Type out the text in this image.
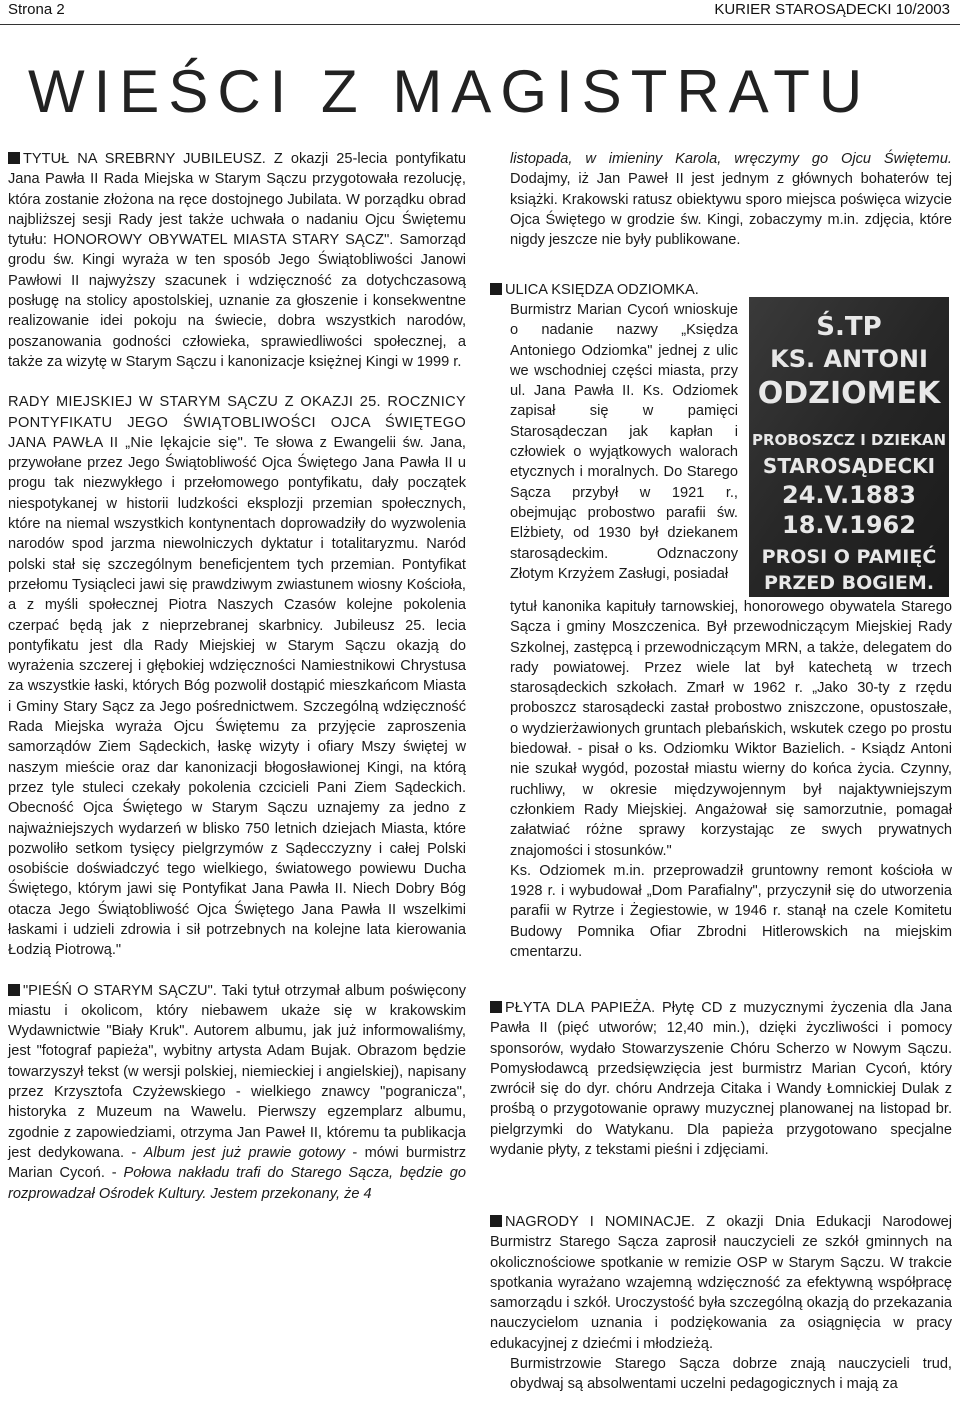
Strona 2	KURIER STAROSĄDECKI 10/2003
WIEŚCI Z MAGISTRATU

TYTUŁ NA SREBRNY JUBILEUSZ. Z okazji 25-lecia pontyfikatu Jana Pawła II Rada Miejska w Starym Sączu przygotowała rezolucję, która zostanie złożona na ręce dostojnego Jubilata. W porządku obrad najbliższej sesji Rady jest także uchwała o nadaniu Ojcu Świętemu tytułu: HONOROWY OBYWATEL MIASTA STARY SĄCZ". Samorząd grodu św. Kingi wyraża w ten sposób Jego Świątobliwości Janowi Pawłowi II najwyższy szacunek i wdzięczność za dotychczasową posługę na stolicy apostolskiej, uznanie za głoszenie i konsekwentne realizowanie idei pokoju na świecie, dobra wszystkich narodów, poszanowania godności człowieka, sprawiedliwości społecznej, a także za wizytę w Starym Sączu i kanonizacje księżnej Kingi w 1999 r.

RADY MIEJSKIEJ W STARYM SĄCZU Z OKAZJI 25. ROCZNICY PONTYFIKATU JEGO ŚWIĄTOBLIWOŚCI OJCA ŚWIĘTEGO JANA PAWŁA II „Nie lękajcie się". Te słowa z Ewangelii św. Jana, przywołane przez Jego Świątobliwość Ojca Świętego Jana Pawła II u progu tak niezwykłego i przełomowego pontyfikatu, dały początek niespotykanej w historii ludzkości eksplozji przemian społecznych, które na niemal wszystkich kontynentach doprowadziły do wyzwolenia narodów spod jarzma niewolniczych dyktatur i totalitaryzmu. Naród polski stał się szczególnym beneficjentem tych przemian. Pontyfikat przełomu Tysiącleci jawi się prawdziwym zwiastunem wiosny Kościoła, a z myśli społecznej Piotra Naszych Czasów kolejne pokolenia czerpać będą jak z nieprzebranej skarbnicy. Jubileusz 25. lecia pontyfikatu jest dla Rady Miejskiej w Starym Sączu okazją do wyrażenia szczerej i głębokiej wdzięczności Namiestnikowi Chrystusa za wszystkie łaski, których Bóg pozwolił dostąpić mieszkańcom Miasta i Gminy Stary Sącz za Jego pośrednictwem. Szczególną wdzięczność Rada Miejska wyraża Ojcu Świętemu za przyjęcie zaproszenia samorządów Ziem Sądeckich, łaskę wizyty i ofiary Mszy świętej w naszym mieście oraz dar kanonizacji błogosławionej Kingi, na którą przez tyle stuleci czekały pokolenia czcicieli Pani Ziem Sądeckich. Obecność Ojca Świętego w Starym Sączu uznajemy za jedno z najważniejszych wydarzeń w blisko 750 letnich dziejach Miasta, które pozwoliło setkom tysięcy pielgrzymów z Sądecczyzny i całej Polski osobiście doświadczyć tego wielkiego, światowego powiewu Ducha Świętego, którym jawi się Pontyfikat Jana Pawła II. Niech Dobry Bóg otacza Jego Świątobliwość Ojca Świętego Jana Pawła II wszelkimi łaskami i udzieli zdrowia i sił potrzebnych na kolejne lata kierowania Łodzią Piotrową."

"PIEŚŃ O STARYM SĄCZU". Taki tytuł otrzymał album poświęcony miastu i okolicom, który niebawem ukaże się w krakowskim Wydawnictwie "Biały Kruk". Autorem albumu, jak już informowaliśmy, jest "fotograf papieża", wybitny artysta Adam Bujak. Obrazom będzie towarzyszył tekst (w wersji polskiej, niemieckiej i angielskiej), napisany przez Krzysztofa Czyżewskiego - wielkiego znawcy "pogranicza", historyka z Muzeum na Wawelu. Pierwszy egzemplarz albumu, zgodnie z zapowiedziami, otrzyma Jan Paweł II, któremu ta publikacja jest dedykowana. - Album jest już prawie gotowy - mówi burmistrz Marian Cycoń. - Połowa nakładu trafi do Starego Sącza, będzie go rozprowadzał Ośrodek Kultury. Jestem przekonany, że 4

listopada, w imieniny Karola, wręczymy go Ojcu Świętemu. Dodajmy, iż Jan Paweł II jest jednym z głównych bohaterów tej książki. Krakowski ratusz obiektywu sporo miejsca poświęca wizycie Ojca Świętego w grodzie św. Kingi, zobaczymy m.in. zdjęcia, które nigdy jeszcze nie były publikowane.

ULICA KSIĘDZA ODZIOMKA.

Burmistrz Marian Cycoń wnioskuje o nadanie nazwy „Księdza Antoniego Odziomka" jednej z ulic we wschodniej części miasta, przy ul. Jana Pawła II. Ks. Odziomek zapisał się w pamięci Starosądeczan jak kapłan i człowiek o wyjątkowych walorach etycznych i moralnych. Do Starego Sącza przybył w 1921 r., obejmując probostwo parafii św. Elżbiety, od 1930 był dziekanem starosądeckim. Odznaczony Złotym Krzyżem Zasługi, posiadał

Ś.TP
KS. ANTONI
ODZIOMEK
PROBOSZCZ I DZIEKAN
STAROSĄDECKI
24.V.1883
18.V.1962
PROSI O PAMIĘĆ
PRZED BOGIEM.

tytuł kanonika kapituły tarnowskiej, honorowego obywatela Starego Sącza i gminy Moszczenica. Był przewodniczącym Miejskiej Rady Szkolnej, zastępcą i przewodniczącym MRN, a także, delegatem do rady powiatowej. Przez wiele lat był katechetą w trzech starosądeckich szkołach. Zmarł w 1962 r. „Jako 30-ty z rzędu proboszcz starosądecki zastał probostwo zniszczone, opustoszałe, o wydzierżawionych gruntach plebańskich, wskutek czego po prostu biedował. - pisał o ks. Odziomku Wiktor Bazielich. - Ksiądz Antoni nie szukał wygód, pozostał miastu wierny do końca życia. Czynny, ruchliwy, w okresie międzywojennym był najaktywniejszym członkiem Rady Miejskiej. Angażował się samorzutnie, pomagał załatwiać różne sprawy korzystając ze swych prywatnych znajomości i stosunków."

Ks. Odziomek m.in. przeprowadził gruntowny remont kościoła w 1928 r. i wybudował „Dom Parafialny", przyczynił się do utworzenia parafii w Rytrze i Żegiestowie, w 1946 r. stanął na czele Komitetu Budowy Pomnika Ofiar Zbrodni Hitlerowskich na miejskim cmentarzu.

PŁYTA DLA PAPIEŻA. Płytę CD z muzycznymi życzenia dla Jana Pawła II (pięć utworów; 12,40 min.), dzięki życzliwości i pomocy sponsorów, wydało Stowarzyszenie Chóru Scherzo w Nowym Sączu. Pomysłodawcą przedsięwzięcia jest burmistrz Marian Cycoń, który zwrócił się do dyr. chóru Andrzeja Citaka i Wandy Łomnickiej Dulak z prośbą o przygotowanie oprawy muzycznej planowanej na listopad br. pielgrzymki do Watykanu. Dla papieża przygotowano specjalne wydanie płyty, z tekstami pieśni i zdjęciami.

NAGRODY I NOMINACJE. Z okazji Dnia Edukacji Narodowej Burmistrz Starego Sącza zaprosił nauczycieli ze szkół gminnych na okolicznościowe spotkanie w remizie OSP w Starym Sączu. W trakcie spotkania wyrażano wzajemną wdzięczność za efektywną współpracę samorządu i szkół. Uroczystość była szczególną okazją do przekazania nauczycielom uznania i podziękowania za osiągnięcia w pracy edukacyjnej z dziećmi i młodzieżą.

Burmistrzowie Starego Sącza dobrze znają nauczycieli trud, obydwaj są absolwentami uczelni pedagogicznych i mają za
